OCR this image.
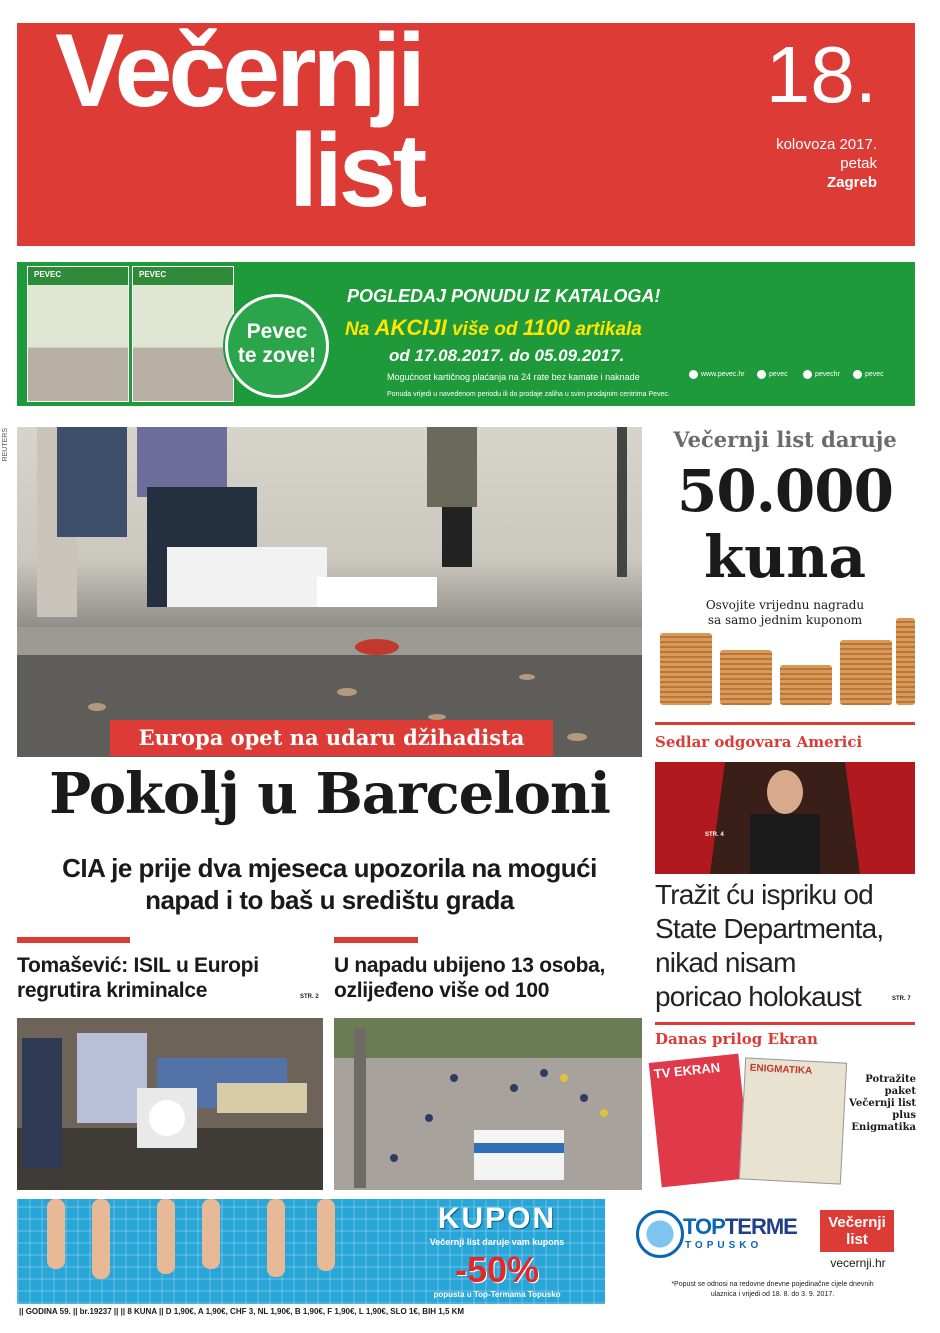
Večernji
list
18.
kolovoza 2017.
petak
Zagreb
PEVEC	PEVEC
Pevec
te zove!
POGLEDAJ PONUDU IZ KATALOGA!
Na AKCIJI više od 1100 artikala
od 17.08.2017. do 05.09.2017.
Mogućnost kartičnog plaćanja na 24 rate bez kamate i naknade
Ponuda vrijedi u navedenom periodu ili do prodaje zaliha u svim prodajnim centrima Pevec.
www.pevec.hr	pevec	pevechr	pevec
REUTERS
Europa opet na udaru džihadista
Pokolj u Barceloni
CIA je prije dva mjeseca upozorila na mogući
napad i to baš u središtu grada
Tomašević: ISIL u Europi
regrutira kriminalce	STR. 2
U napadu ubijeno 13 osoba,
ozlijeđeno više od 100
Večernji list daruje
50.000
kuna
Osvojite vrijednu nagradu
sa samo jednim kuponom
Sedlar odgovara Americi
STR. 4
Tražit ću ispriku od
State Departmenta,
nikad nisam
poricao holokaust	STR. 7
Danas prilog Ekran
TV EKRAN	ENIGMATIKA
Potražite
paket
Večernji list
plus
Enigmatika
KUPON
Večernji list daruje vam kupons
-50%
popusta u Top-Termama Topusko
TOPTERME
TOPUSKO
Večernji
list
vecernji.hr
*Popust se odnosi na redovne dnevne pojedinačne cijele dnevnih
ulaznica i vrijedi od 18. 8. do 3. 9. 2017.
|| GODINA 59. || br.19237 || || 8 KUNA || D 1,90€, A 1,90€, CHF 3, NL 1,90€, B 1,90€, F 1,90€, L 1,90€, SLO 1€, BIH 1,5 KM
